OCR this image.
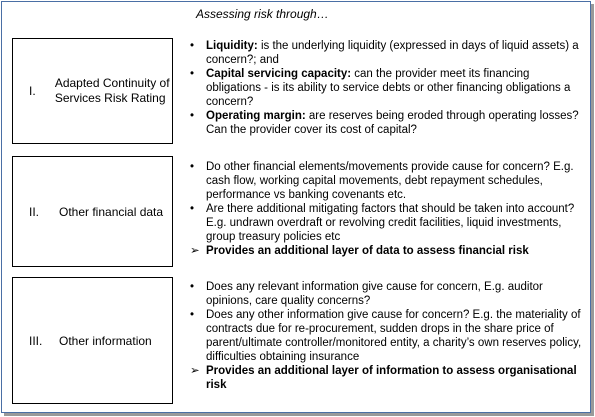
Assessing risk through…
I.
Adapted Continuity of Services Risk Rating
•	Liquidity: is the underlying liquidity (expressed in days of liquid assets) a concern?; and
•	Capital servicing capacity: can the provider meet its financing obligations - is its ability to service debts or other financing obligations a concern?
•	Operating margin: are reserves being eroded through operating losses? Can the provider cover its cost of capital?
II.	Other financial data
•	Do other financial elements/movements provide cause for concern? E.g. cash flow, working capital movements, debt repayment schedules, performance vs banking covenants etc.
•	Are there additional mitigating factors that should be taken into account? E.g. undrawn overdraft or revolving credit facilities, liquid investments, group treasury policies etc
➢ Provides an additional layer of data to assess financial risk
III.	Other information
•	Does any relevant information give cause for concern, E.g. auditor opinions, care quality concerns?
•	Does any other information give cause for concern? E.g. the materiality of contracts due for re-procurement, sudden drops in the share price of parent/ultimate controller/monitored entity, a charity’s own reserves policy, difficulties obtaining insurance
➢ Provides an additional layer of information to assess organisational risk
